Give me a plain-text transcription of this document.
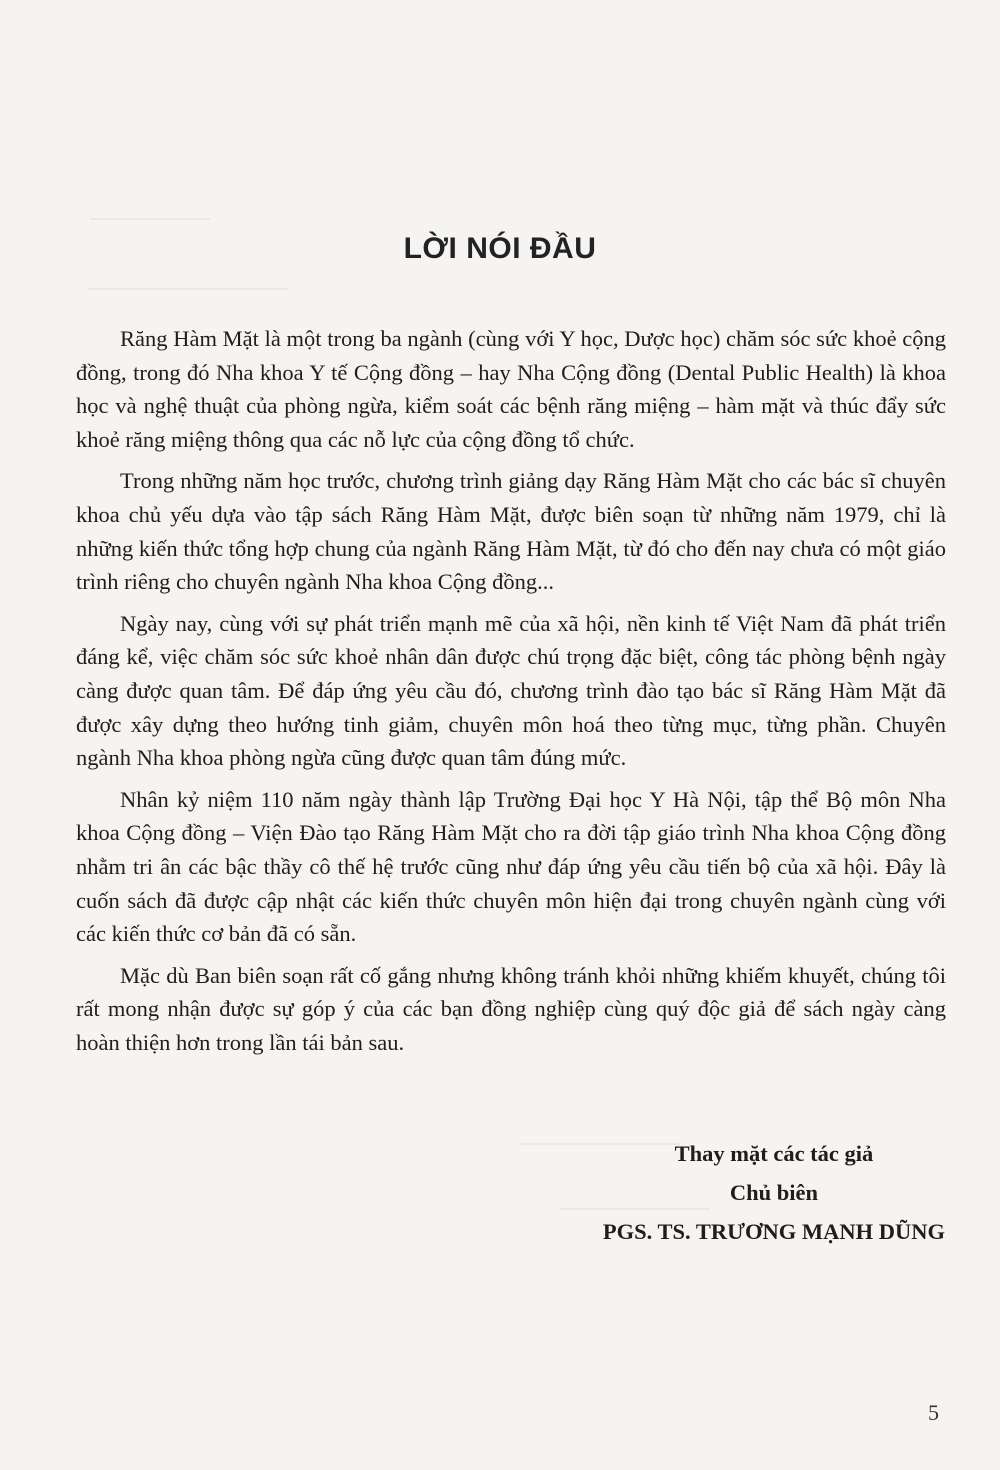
LỜI NÓI ĐẦU

Răng Hàm Mặt là một trong ba ngành (cùng với Y học, Dược học) chăm sóc sức khoẻ cộng đồng, trong đó Nha khoa Y tế Cộng đồng – hay Nha Cộng đồng (Dental Public Health) là khoa học và nghệ thuật của phòng ngừa, kiểm soát các bệnh răng miệng – hàm mặt và thúc đẩy sức khoẻ răng miệng thông qua các nỗ lực của cộng đồng tổ chức.

Trong những năm học trước, chương trình giảng dạy Răng Hàm Mặt cho các bác sĩ chuyên khoa chủ yếu dựa vào tập sách Răng Hàm Mặt, được biên soạn từ những năm 1979, chỉ là những kiến thức tổng hợp chung của ngành Răng Hàm Mặt, từ đó cho đến nay chưa có một giáo trình riêng cho chuyên ngành Nha khoa Cộng đồng...

Ngày nay, cùng với sự phát triển mạnh mẽ của xã hội, nền kinh tế Việt Nam đã phát triển đáng kể, việc chăm sóc sức khoẻ nhân dân được chú trọng đặc biệt, công tác phòng bệnh ngày càng được quan tâm. Để đáp ứng yêu cầu đó, chương trình đào tạo bác sĩ Răng Hàm Mặt đã được xây dựng theo hướng tinh giảm, chuyên môn hoá theo từng mục, từng phần. Chuyên ngành Nha khoa phòng ngừa cũng được quan tâm đúng mức.

Nhân kỷ niệm 110 năm ngày thành lập Trường Đại học Y Hà Nội, tập thể Bộ môn Nha khoa Cộng đồng – Viện Đào tạo Răng Hàm Mặt cho ra đời tập giáo trình Nha khoa Cộng đồng nhằm tri ân các bậc thầy cô thế hệ trước cũng như đáp ứng yêu cầu tiến bộ của xã hội. Đây là cuốn sách đã được cập nhật các kiến thức chuyên môn hiện đại trong chuyên ngành cùng với các kiến thức cơ bản đã có sẵn.

Mặc dù Ban biên soạn rất cố gắng nhưng không tránh khỏi những khiếm khuyết, chúng tôi rất mong nhận được sự góp ý của các bạn đồng nghiệp cùng quý độc giả để sách ngày càng hoàn thiện hơn trong lần tái bản sau.

Thay mặt các tác giả
Chủ biên
PGS. TS. TRƯƠNG MẠNH DŨNG
5
